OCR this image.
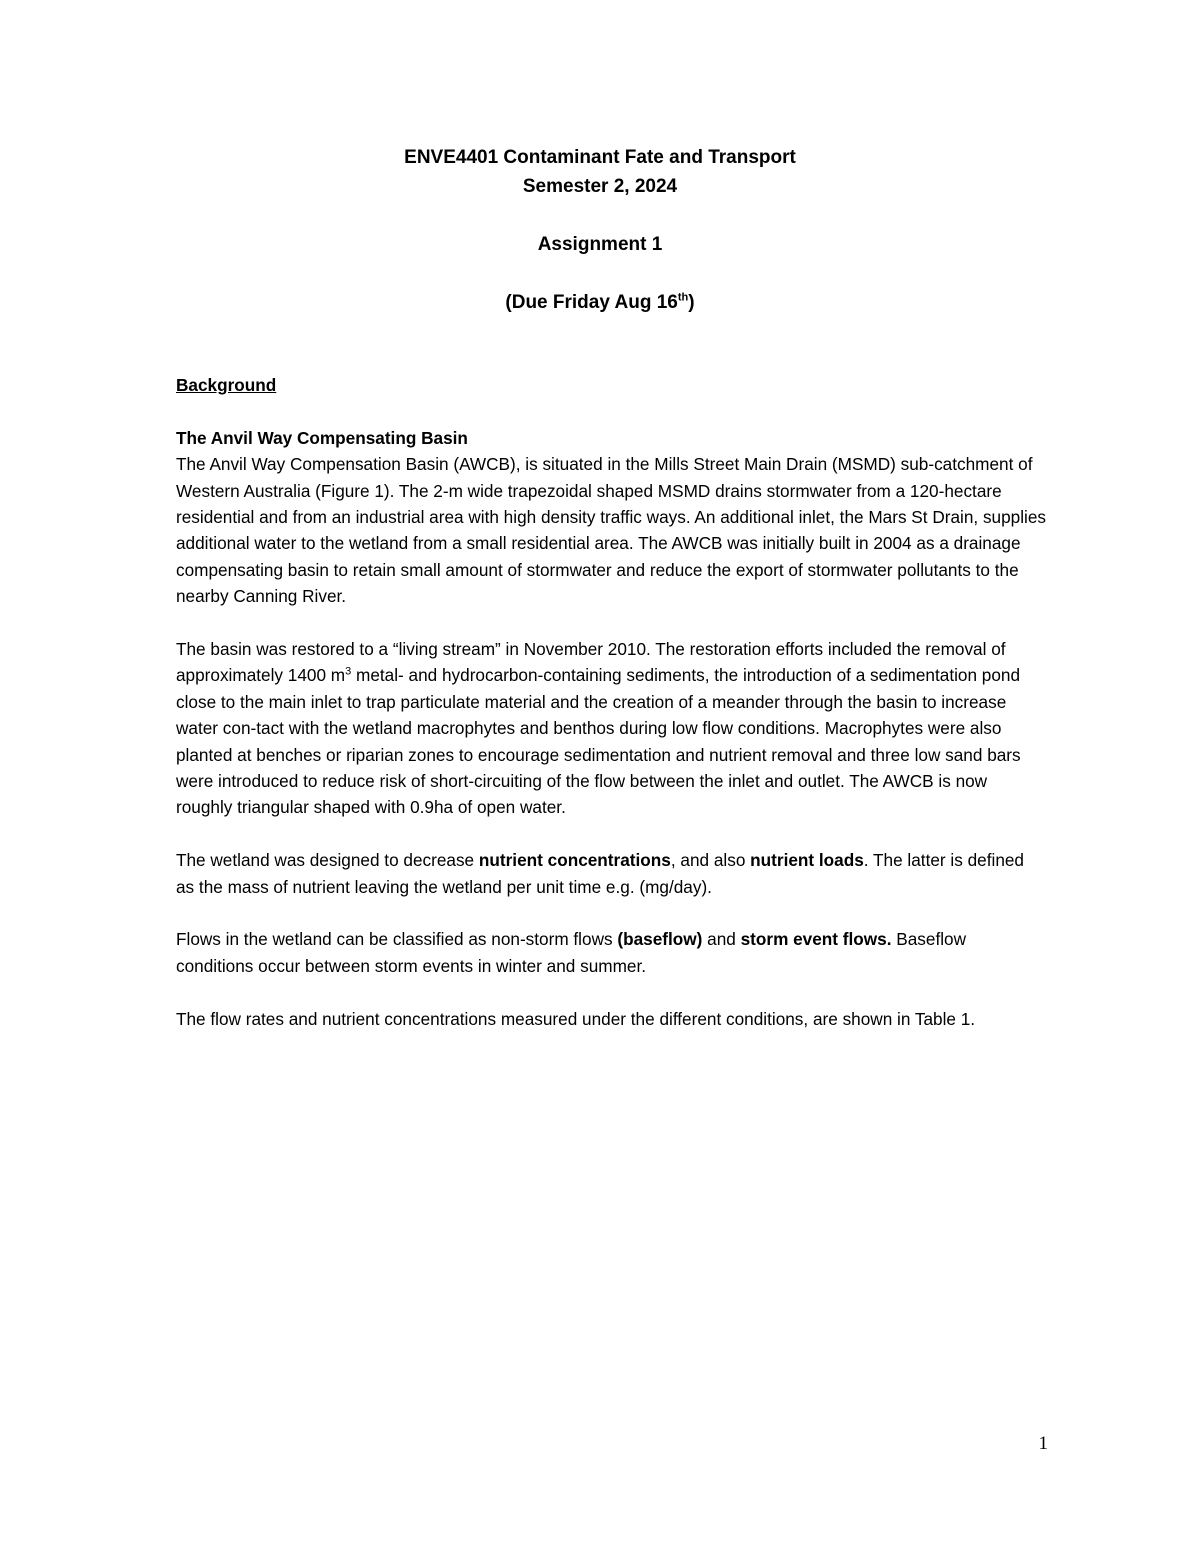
ENVE4401 Contaminant Fate and Transport
Semester 2, 2024
Assignment 1
(Due Friday Aug 16th)
Background
The Anvil Way Compensating Basin

The Anvil Way Compensation Basin (AWCB), is situated in the Mills Street Main Drain (MSMD) sub-catchment of Western Australia (Figure 1). The 2-m wide trapezoidal shaped MSMD drains stormwater from a 120-hectare residential and from an industrial area with high density traffic ways. An additional inlet, the Mars St Drain, supplies additional water to the wetland from a small residential area. The AWCB was initially built in 2004 as a drainage compensating basin to retain small amount of stormwater and reduce the export of stormwater pollutants to the nearby Canning River.

The basin was restored to a “living stream” in November 2010. The restoration efforts included the removal of approximately 1400 $m^3$ metal- and hydrocarbon-containing sediments, the introduction of a sedimentation pond close to the main inlet to trap particulate material and the creation of a meander through the basin to increase water con-tact with the wetland macrophytes and benthos during low flow conditions. Macrophytes were also planted at benches or riparian zones to encourage sedimentation and nutrient removal and three low sand bars were introduced to reduce risk of short-circuiting of the flow between the inlet and outlet. The AWCB is now roughly triangular shaped with 0.9ha of open water.

The wetland was designed to decrease nutrient concentrations, and also nutrient loads. The latter is defined as the mass of nutrient leaving the wetland per unit time e.g. (mg/day).

Flows in the wetland can be classified as non-storm flows (baseflow) and storm event flows. Baseflow conditions occur between storm events in winter and summer.

The flow rates and nutrient concentrations measured under the different conditions, are shown in Table 1.

1
